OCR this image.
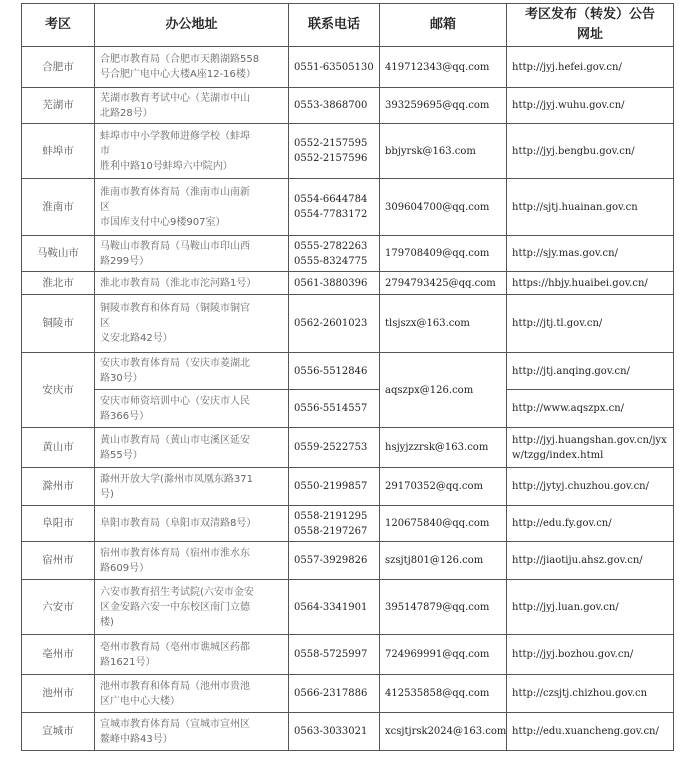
考区	办公地址	联系电话	邮箱	考区发布（转发）公告网址
合肥市	合肥市教育局（合肥市天鹅湖路558
号合肥广电中心大楼A座12-16楼）	0551-63505130	419712343@qq.com	http://jyj.hefei.gov.cn/
芜湖市	芜湖市教育考试中心（芜湖市中山
北路28号）	0553-3868700	393259695@qq.com	http://jyj.wuhu.gov.cn/
蚌埠市	蚌埠市中小学教师进修学校（蚌埠
市
胜利中路10号蚌埠六中院内）	0552-2157595
0552-2157596	bbjyrsk@163.com	http://jyj.bengbu.gov.cn/
淮南市	淮南市教育体育局（淮南市山南新
区
市国库支付中心9楼907室）	0554-6644784
0554-7783172	309604700@qq.com	http://sjtj.huainan.gov.cn
马鞍山市	马鞍山市教育局（马鞍山市印山西
路299号）	0555-2782263
0555-8324775	179708409@qq.com	http://sjy.mas.gov.cn/
淮北市	淮北市教育局（淮北市沱河路1号）	0561-3880396	2794793425@qq.com	https://hbjy.huaibei.gov.cn/
铜陵市	铜陵市教育和体育局（铜陵市铜官
区
义安北路42号）	0562-2601023	tlsjszx@163.com	http://jtj.tl.gov.cn/
安庆市	安庆市教育体育局（安庆市菱湖北
路30号）	0556-5512846	aqszpx@126.com	http://jtj.anqing.gov.cn/

	安庆市师资培训中心（安庆市人民
路366号）	0556-5514557		http://www.aqszpx.cn/
黄山市	黄山市教育局（黄山市屯溪区延安
路55号）	0559-2522753	hsjyjzzrsk@163.com	http://jyj.huangshan.gov.cn/jyxw/tzgg/index.html
滁州市	滁州开放大学(滁州市凤凰东路371
号)	0550-2199857	29170352@qq.com	http://jytyj.chuzhou.gov.cn/
阜阳市	阜阳市教育局（阜阳市双清路8号）	0558-2191295
0558-2197267	120675840@qq.com	http://edu.fy.gov.cn/
宿州市	宿州市教育体育局（宿州市淮水东
路609号）	0557-3929826	szsjtj801@126.com	http://jiaotiju.ahsz.gov.cn/
六安市	六安市教育招生考试院(六安市金安
区金安路六安一中东校区南门立德
楼)	0564-3341901	395147879@qq.com	http://jyj.luan.gov.cn/
亳州市	亳州市教育局（亳州市谯城区药都
路1621号）	0558-5725997	724969991@qq.com	http://jyj.bozhou.gov.cn/
池州市	池州市教育和体育局（池州市贵池
区广电中心大楼）	0566-2317886	412535858@qq.com	http://czsjtj.chizhou.gov.cn
宣城市	宣城市教育体育局（宣城市宣州区
鳌峰中路43号）	0563-3033021	xcsjtjrsk2024@163.com	http://edu.xuancheng.gov.cn/
